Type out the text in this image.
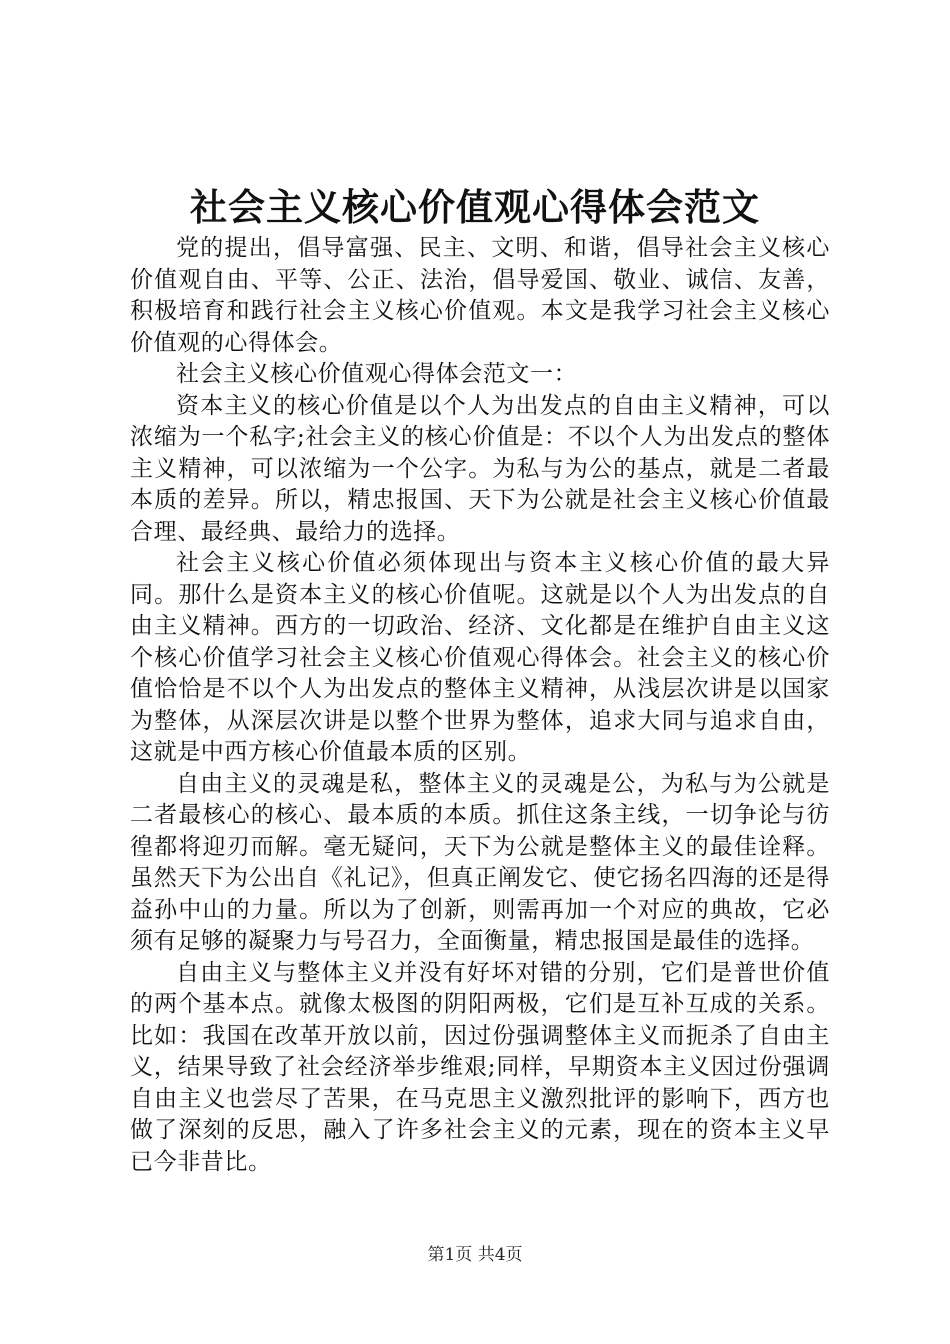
社会主义核心价值观心得体会范文

党的提出，倡导富强、民主、文明、和谐，倡导社会主义核心价值观自由、平等、公正、法治，倡导爱国、敬业、诚信、友善，积极培育和践行社会主义核心价值观。本文是我学习社会主义核心价值观的心得体会。

社会主义核心价值观心得体会范文一：

资本主义的核心价值是以个人为出发点的自由主义精神，可以浓缩为一个私字;社会主义的核心价值是：不以个人为出发点的整体主义精神，可以浓缩为一个公字。为私与为公的基点，就是二者最本质的差异。所以，精忠报国、天下为公就是社会主义核心价值最合理、最经典、最给力的选择。

社会主义核心价值必须体现出与资本主义核心价值的最大异同。那什么是资本主义的核心价值呢。这就是以个人为出发点的自由主义精神。西方的一切政治、经济、文化都是在维护自由主义这个核心价值学习社会主义核心价值观心得体会。社会主义的核心价值恰恰是不以个人为出发点的整体主义精神，从浅层次讲是以国家为整体，从深层次讲是以整个世界为整体，追求大同与追求自由，这就是中西方核心价值最本质的区别。

自由主义的灵魂是私，整体主义的灵魂是公，为私与为公就是二者最核心的核心、最本质的本质。抓住这条主线，一切争论与彷徨都将迎刃而解。毫无疑问，天下为公就是整体主义的最佳诠释。虽然天下为公出自《礼记》，但真正阐发它、使它扬名四海的还是得益孙中山的力量。所以为了创新，则需再加一个对应的典故，它必须有足够的凝聚力与号召力，全面衡量，精忠报国是最佳的选择。

自由主义与整体主义并没有好坏对错的分别，它们是普世价值的两个基本点。就像太极图的阴阳两极，它们是互补互成的关系。比如：我国在改革开放以前，因过份强调整体主义而扼杀了自由主义，结果导致了社会经济举步维艰;同样，早期资本主义因过份强调自由主义也尝尽了苦果，在马克思主义激烈批评的影响下，西方也做了深刻的反思，融入了许多社会主义的元素，现在的资本主义早已今非昔比。

第1页 共4页
